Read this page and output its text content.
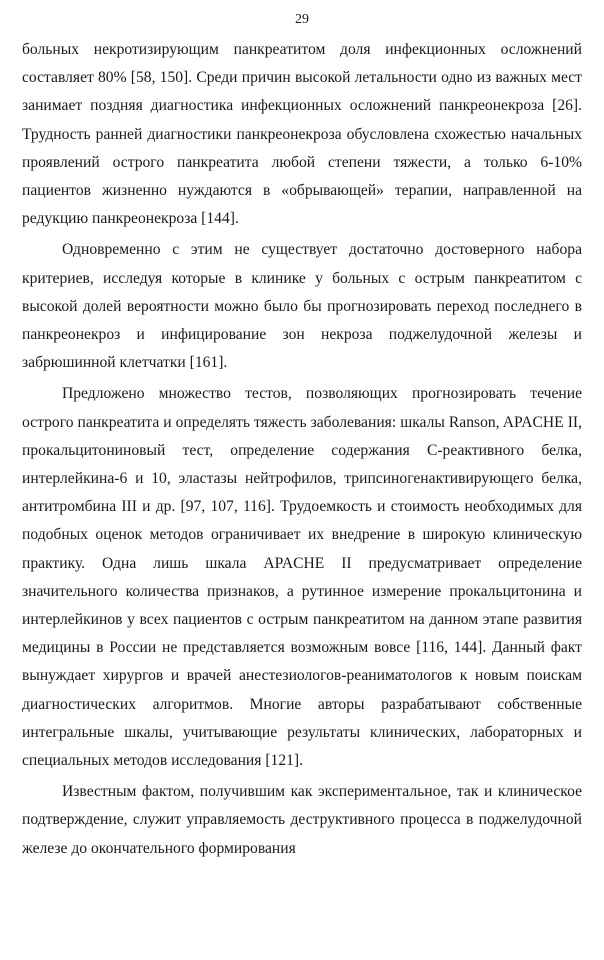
29

больных некротизирующим панкреатитом доля инфекционных осложнений составляет 80% [58, 150]. Среди причин высокой летальности одно из важных мест занимает поздняя диагностика инфекционных осложнений панкреонекроза [26]. Трудность ранней диагностики панкреонекроза обусловлена схожестью начальных проявлений острого панкреатита любой степени тяжести, а только 6-10% пациентов жизненно нуждаются в «обрывающей» терапии, направленной на редукцию панкреонекроза [144].

Одновременно с этим не существует достаточно достоверного набора критериев, исследуя которые в клинике у больных с острым панкреатитом с высокой долей вероятности можно было бы прогнозировать переход последнего в панкреонекроз и инфицирование зон некроза поджелудочной железы и забрюшинной клетчатки [161].

Предложено множество тестов, позволяющих прогнозировать течение острого панкреатита и определять тяжесть заболевания: шкалы Ranson, APACHE II, прокальцитониновый тест, определение содержания С-реактивного белка, интерлейкина-6 и 10, эластазы нейтрофилов, трипсиногенактивирующего белка, антитромбина III и др. [97, 107, 116]. Трудоемкость и стоимость необходимых для подобных оценок методов ограничивает их внедрение в широкую клиническую практику. Одна лишь шкала APACHE II предусматривает определение значительного количества признаков, а рутинное измерение прокальцитонина и интерлейкинов у всех пациентов с острым панкреатитом на данном этапе развития медицины в России не представляется возможным вовсе [116, 144]. Данный факт вынуждает хирургов и врачей анестезиологов-реаниматологов к новым поискам диагностических алгоритмов. Многие авторы разрабатывают собственные интегральные шкалы, учитывающие результаты клинических, лабораторных и специальных методов исследования [121].

Известным фактом, получившим как экспериментальное, так и клиническое подтверждение, служит управляемость деструктивного процесса в поджелудочной железе до окончательного формирования
